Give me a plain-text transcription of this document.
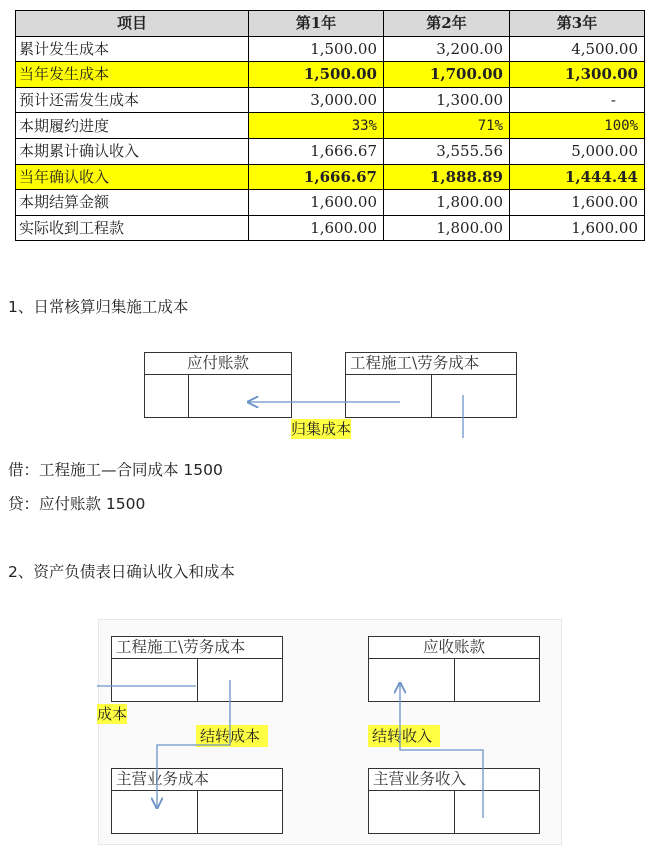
项目	第1年	第2年	第3年
累计发生成本	1,500.00	3,200.00	4,500.00
当年发生成本	1,500.00	1,700.00	1,300.00
预计还需发生成本	3,000.00	1,300.00	-
本期履约进度	33%	71%	100%
本期累计确认收入	1,666.67	3,555.56	5,000.00
当年确认收入	1,666.67	1,888.89	1,444.44
本期结算金额	1,600.00	1,800.00	1,600.00
实际收到工程款	1,600.00	1,800.00	1,600.00
1、日常核算归集施工成本
应付账款	工程施工\劳务成本
归集成本
借：工程施工—合同成本 1500
贷：应付账款 1500
2、资产负债表日确认收入和成本
工程施工\劳务成本	应收账款
主营业务成本	主营业务收入
成本
结转成本	结转收入
